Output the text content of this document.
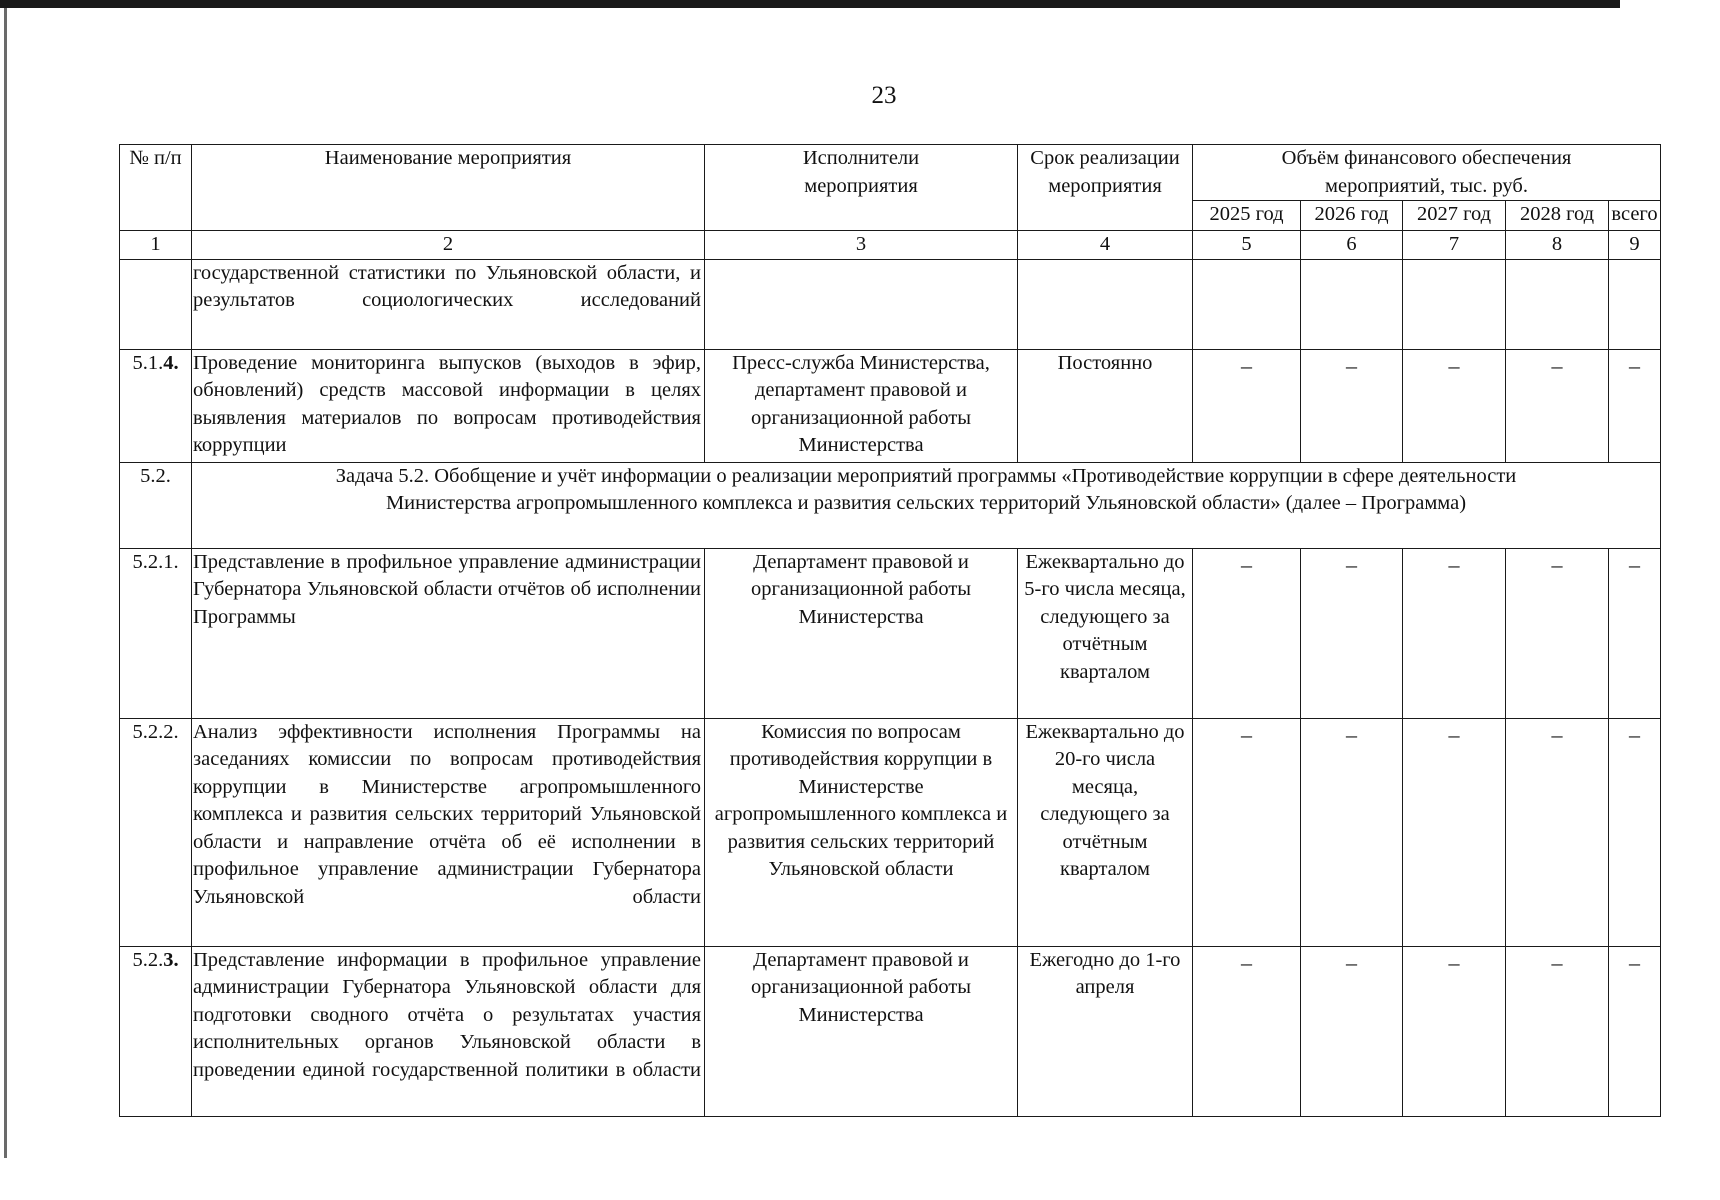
23
№ п/п	Наименование мероприятия	Исполнители мероприятия	Срок реализации мероприятия	Объём финансового обеспечения мероприятий, тыс. руб.				
				2025 год	2026 год	2027 год	2028 год	всего
1	2	3	4	5	6	7	8	9
	государственной статистики по Ульяновской области, и результатов социологических исследований							
5.1.4.	Проведение мониторинга выпусков (выходов в эфир, обновлений) средств массовой информации в целях выявления материалов по вопросам противодействия коррупции	Пресс-служба Министерства, департамент правовой и организационной работы Министерства	Постоянно	–	–	–	–	–
5.2.	Задача 5.2. Обобщение и учёт информации о реализации мероприятий программы «Противодействие коррупции в сфере деятельности Министерства агропромышленного комплекса и развития сельских территорий Ульяновской области» (далее – Программа)							
5.2.1.	Представление в профильное управление администрации Губернатора Ульяновской области отчётов об исполнении Программы	Департамент правовой и организационной работы Министерства	Ежеквартально до 5-го числа месяца, следующего за отчётным кварталом	–	–	–	–	–
5.2.2.	Анализ эффективности исполнения Программы на заседаниях комиссии по вопросам противодействия коррупции в Министерстве агропромышленного комплекса и развития сельских территорий Ульяновской области и направление отчёта об её исполнении в профильное управление администрации Губернатора Ульяновской области	Комиссия по вопросам противодействия коррупции в Министерстве агропромышленного комплекса и развития сельских территорий Ульяновской области	Ежеквартально до 20-го числа месяца, следующего за отчётным кварталом	–	–	–	–	–
5.2.3.	Представление информации в профильное управление администрации Губернатора Ульяновской области для подготовки сводного отчёта о результатах участия исполнительных органов Ульяновской области в проведении единой государственной политики в области	Департамент правовой и организационной работы Министерства	Ежегодно до 1-го апреля	–	–	–	–	–
